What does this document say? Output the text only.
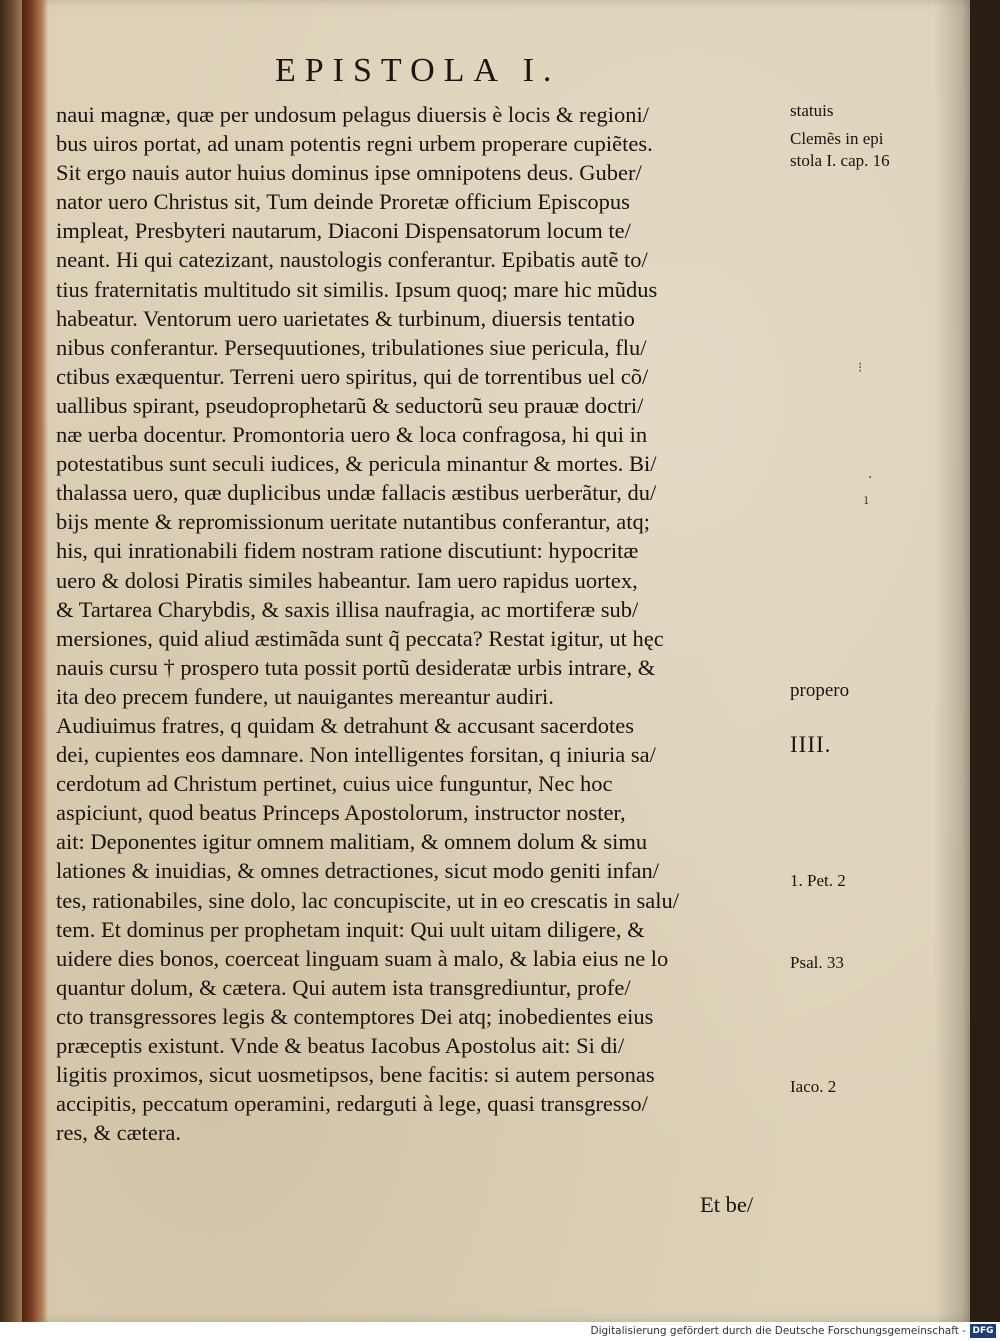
EPISTOLA I.
naui magnæ, quæ per undosum pelagus diuersis è locis & regioni/
bus uiros portat, ad unam potentis regni urbem properare cupiẽtes.
Sit ergo nauis autor huius dominus ipse omnipotens deus. Guber/
nator uero Christus sit, Tum deinde Proretæ officium Episcopus
impleat, Presbyteri nautarum, Diaconi Dispensatorum locum te/
neant. Hi qui catezizant, naustologis conferantur. Epibatis autẽ to/
tius fraternitatis multitudo sit similis. Ipsum quoq; mare hic mũdus
habeatur. Ventorum uero uarietates & turbinum, diuersis tentatio
nibus conferantur. Persequutiones, tribulationes siue pericula, flu/
ctibus exæquentur. Terreni uero spiritus, qui de torrentibus uel cõ/
uallibus spirant, pseudoprophetarũ & seductorũ seu prauæ doctri/
næ uerba docentur. Promontoria uero & loca confragosa, hi qui in
potestatibus sunt seculi iudices, & pericula minantur & mortes. Bi/
thalassa uero, quæ duplicibus undæ fallacis æstibus uerberãtur, du/
bijs mente & repromissionum ueritate nutantibus conferantur, atq;
his, qui inrationabili fidem nostram ratione discutiunt: hypocritæ
uero & dolosi Piratis similes habeantur. Iam uero rapidus uortex,
& Tartarea Charybdis, & saxis illisa naufragia, ac mortiferæ sub/
mersiones, quid aliud æstimãda sunt q̃ peccata? Restat igitur, ut hęc
nauis cursu † prospero tuta possit portũ desideratæ urbis intrare, &
ita deo precem fundere, ut nauigantes mereantur audiri.
Audiuimus fratres, q quidam & detrahunt & accusant sacerdotes
dei, cupientes eos damnare. Non intelligentes forsitan, q iniuria sa/
cerdotum ad Christum pertinet, cuius uice funguntur, Nec hoc
aspiciunt, quod beatus Princeps Apostolorum, instructor noster,
ait: Deponentes igitur omnem malitiam, & omnem dolum & simu
lationes & inuidias, & omnes detractiones, sicut modo geniti infan/
tes, rationabiles, sine dolo, lac concupiscite, ut in eo crescatis in salu/
tem. Et dominus per prophetam inquit: Qui uult uitam diligere, &
uidere dies bonos, coerceat linguam suam à malo, & labia eius ne lo
quantur dolum, & cætera. Qui autem ista transgrediuntur, profe/
cto transgressores legis & contemptores Dei atq; inobedientes eius
præceptis existunt. Vnde & beatus Iacobus Apostolus ait: Si di/
ligitis proximos, sicut uosmetipsos, bene facitis: si autem personas
accipitis, peccatum operamini, redarguti à lege, quasi transgresso/
res, & cætera.
statuis
Clemẽs in epi
stola I. cap. 16
propero
IIII.
1. Pet. 2
Psal. 33
Iaco. 2
⁝
·
ı
Et be/
Digitalisierung gefördert durch die Deutsche Forschungsgemeinschaft - DFG
